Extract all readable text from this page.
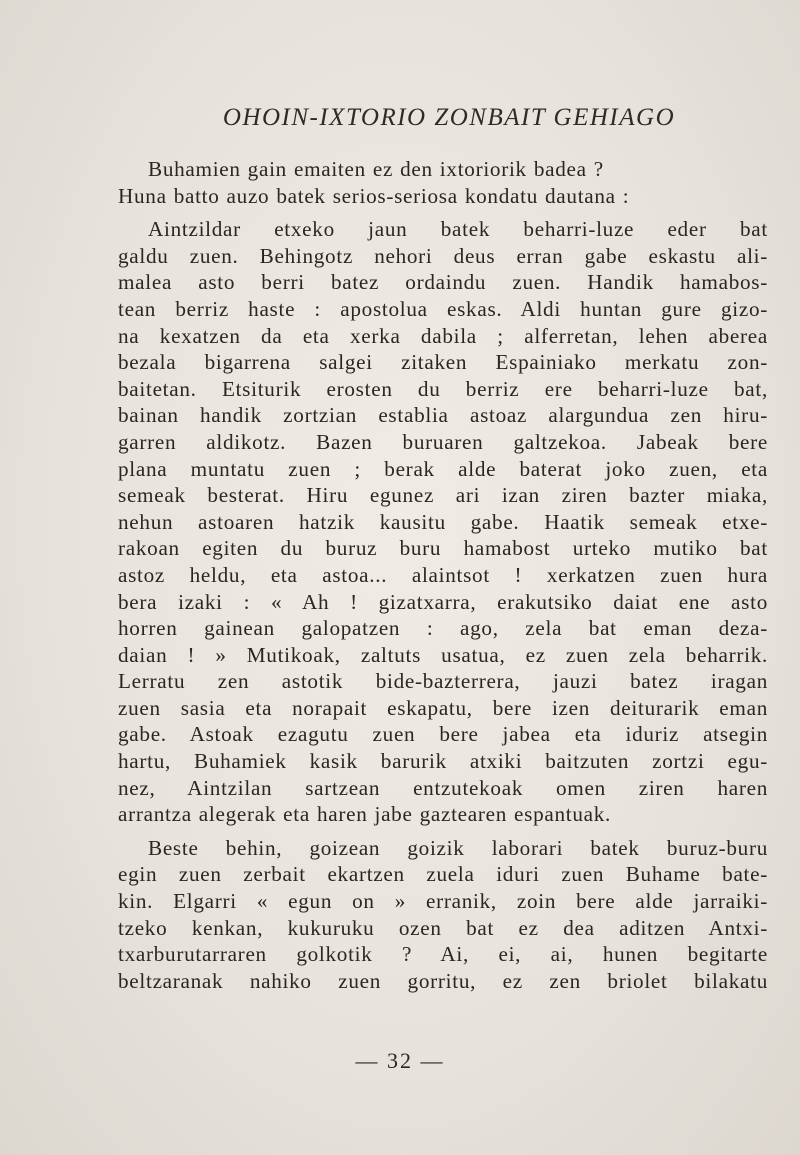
OHOIN-IXTORIO ZONBAIT GEHIAGO
Buhamien gain emaiten ez den ixtoriorik badea ?
Huna batto auzo batek serios-seriosa kondatu dautana :
Aintzildar etxeko jaun batek beharri-luze eder bat
galdu zuen. Behingotz nehori deus erran gabe eskastu ali-
malea asto berri batez ordaindu zuen. Handik hamabos-
tean berriz haste : apostolua eskas. Aldi huntan gure gizo-
na kexatzen da eta xerka dabila ; alferretan, lehen aberea
bezala bigarrena salgei zitaken Espainiako merkatu zon-
baitetan. Etsiturik erosten du berriz ere beharri-luze bat,
bainan handik zortzian establia astoaz alargundua zen hiru-
garren aldikotz. Bazen buruaren galtzekoa. Jabeak bere
plana muntatu zuen ; berak alde baterat joko zuen, eta
semeak besterat. Hiru egunez ari izan ziren bazter miaka,
nehun astoaren hatzik kausitu gabe. Haatik semeak etxe-
rakoan egiten du buruz buru hamabost urteko mutiko bat
astoz heldu, eta astoa... alaintsot ! xerkatzen zuen hura
bera izaki : « Ah ! gizatxarra, erakutsiko daiat ene asto
horren gainean galopatzen : ago, zela bat eman deza-
daian ! » Mutikoak, zaltuts usatua, ez zuen zela beharrik.
Lerratu zen astotik bide-bazterrera, jauzi batez iragan
zuen sasia eta norapait eskapatu, bere izen deiturarik eman
gabe. Astoak ezagutu zuen bere jabea eta iduriz atsegin
hartu, Buhamiek kasik barurik atxiki baitzuten zortzi egu-
nez, Aintzilan sartzean entzutekoak omen ziren haren
arrantza alegerak eta haren jabe gaztearen espantuak.
Beste behin, goizean goizik laborari batek buruz-buru
egin zuen zerbait ekartzen zuela iduri zuen Buhame bate-
kin. Elgarri « egun on » erranik, zoin bere alde jarraiki-
tzeko kenkan, kukuruku ozen bat ez dea aditzen Antxi-
txarburutarraren golkotik ? Ai, ei, ai, hunen begitarte
beltzaranak nahiko zuen gorritu, ez zen briolet bilakatu
— 32 —
